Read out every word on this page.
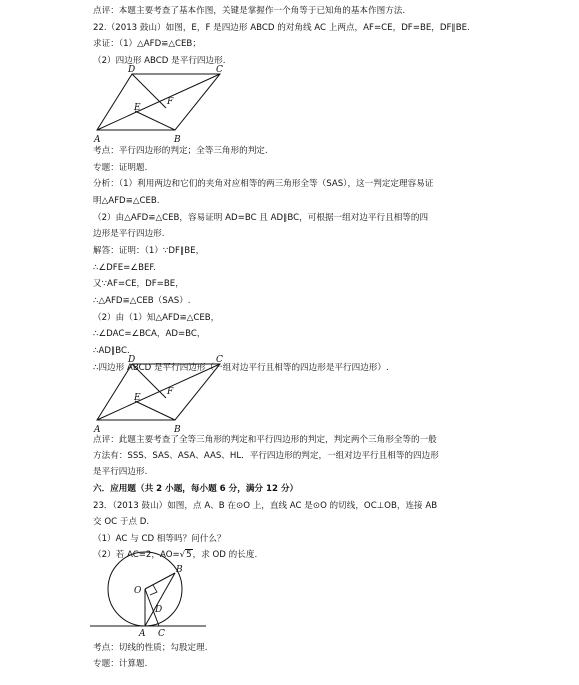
点评：本题主要考查了基本作图，关键是掌握作一个角等于已知角的基本作图方法.
22.（2013 鼓山）如图，E，F 是四边形 ABCD 的对角线 AC 上两点，AF=CE，DF=BE，DF∥BE.
求证：（1）△AFD≌△CEB；
（2）四边形 ABCD 是平行四边形.
A	B
C
D
E
F
考点：平行四边形的判定；全等三角形的判定.
专题：证明题.
分析：（1）利用两边和它们的夹角对应相等的两三角形全等（SAS），这一判定定理容易证
明△AFD≌△CEB.
（2）由△AFD≌△CEB，容易证明 AD=BC 且 AD∥BC，可根据一组对边平行且相等的四
边形是平行四边形.
解答：证明：（1）∵DF∥BE，
∴∠DFE=∠BEF.
又∵AF=CE，DF=BE，
∴△AFD≌△CEB（SAS）.
（2）由（1）知△AFD≌△CEB，
∴∠DAC=∠BCA，AD=BC，
∴AD∥BC.
∴四边形 ABCD 是平行四边形（一组对边平行且相等的四边形是平行四边形）.
A	B
C
D
E
F
点评：此题主要考查了全等三角形的判定和平行四边形的判定，判定两个三角形全等的一般
方法有：SSS、SAS、ASA、AAS、HL．平行四边形的判定，一组对边平行且相等的四边形
是平行四边形.
六．应用题（共 2 小题，每小题 6 分，满分 12 分）
23．（2013 鼓山）如图，点 A、B 在⊙O 上，直线 AC 是⊙O 的切线，OC⊥OB，连接 AB
交 OC 于点 D.
（1）AC 与 CD 相等吗？问什么？
（2）若 AC=2，AO=√5，求 OD 的长度.
O
B
D
A C
考点：切线的性质；勾股定理.
专题：计算题.
